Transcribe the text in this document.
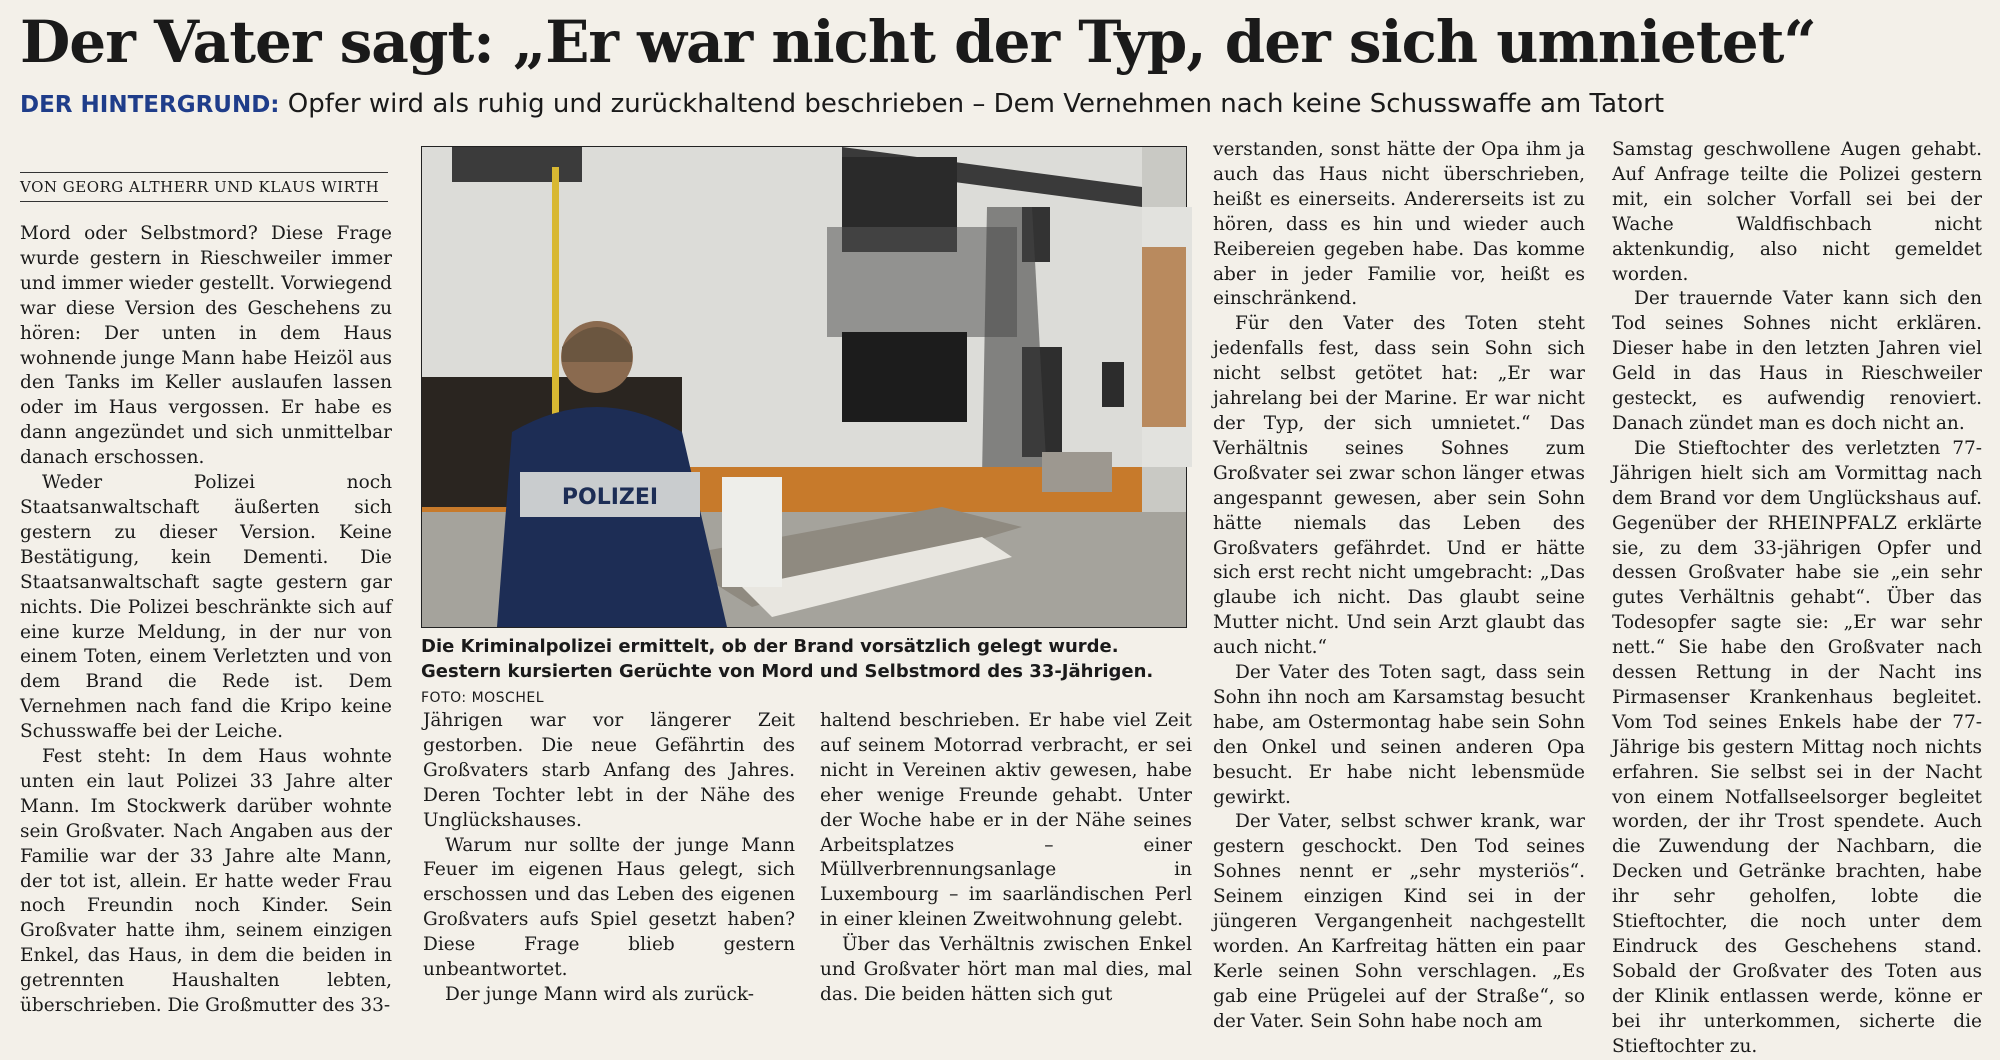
Der Vater sagt: „Er war nicht der Typ, der sich umnietet“
DER HINTERGRUND: Opfer wird als ruhig und zurückhaltend beschrieben – Dem Vernehmen nach keine Schusswaffe am Tatort
VON GEORG ALTHERR UND KLAUS WIRTH

Mord oder Selbstmord? Diese Frage wurde gestern in Rieschweiler immer und immer wieder gestellt. Vorwiegend war diese Version des Geschehens zu hören: Der unten in dem Haus wohnende junge Mann habe Heizöl aus den Tanks im Keller auslaufen lassen oder im Haus vergossen. Er habe es dann angezündet und sich unmittelbar danach erschossen.

Weder Polizei noch Staatsanwaltschaft äußerten sich gestern zu dieser Version. Keine Bestätigung, kein Dementi. Die Staatsanwaltschaft sagte gestern gar nichts. Die Polizei beschränkte sich auf eine kurze Meldung, in der nur von einem Toten, einem Verletzten und von dem Brand die Rede ist. Dem Vernehmen nach fand die Kripo keine Schusswaffe bei der Leiche.

Fest steht: In dem Haus wohnte unten ein laut Polizei 33 Jahre alter Mann. Im Stockwerk darüber wohnte sein Großvater. Nach Angaben aus der Familie war der 33 Jahre alte Mann, der tot ist, allein. Er hatte weder Frau noch Freundin noch Kinder. Sein Großvater hatte ihm, seinem einzigen Enkel, das Haus, in dem die beiden in getrennten Haushalten lebten, überschrieben. Die Großmutter des 33-

POLIZEI
Die Kriminalpolizei ermittelt, ob der Brand vorsätzlich gelegt wurde. Gestern kursierten Gerüchte von Mord und Selbstmord des 33-Jährigen. FOTO: MOSCHEL

Jährigen war vor längerer Zeit gestorben. Die neue Gefährtin des Großvaters starb Anfang des Jahres. Deren Tochter lebt in der Nähe des Unglückshauses.

Warum nur sollte der junge Mann Feuer im eigenen Haus gelegt, sich erschossen und das Leben des eigenen Großvaters aufs Spiel gesetzt haben? Diese Frage blieb gestern unbeantwortet.

Der junge Mann wird als zurück-

haltend beschrieben. Er habe viel Zeit auf seinem Motorrad verbracht, er sei nicht in Vereinen aktiv gewesen, habe eher wenige Freunde gehabt. Unter der Woche habe er in der Nähe seines Arbeitsplatzes – einer Müllverbrennungsanlage in Luxembourg – im saarländischen Perl in einer kleinen Zweitwohnung gelebt.

Über das Verhältnis zwischen Enkel und Großvater hört man mal dies, mal das. Die beiden hätten sich gut

verstanden, sonst hätte der Opa ihm ja auch das Haus nicht überschrieben, heißt es einerseits. Andererseits ist zu hören, dass es hin und wieder auch Reibereien gegeben habe. Das komme aber in jeder Familie vor, heißt es einschränkend.

Für den Vater des Toten steht jedenfalls fest, dass sein Sohn sich nicht selbst getötet hat: „Er war jahrelang bei der Marine. Er war nicht der Typ, der sich umnietet.“ Das Verhältnis seines Sohnes zum Großvater sei zwar schon länger etwas angespannt gewesen, aber sein Sohn hätte niemals das Leben des Großvaters gefährdet. Und er hätte sich erst recht nicht umgebracht: „Das glaube ich nicht. Das glaubt seine Mutter nicht. Und sein Arzt glaubt das auch nicht.“

Der Vater des Toten sagt, dass sein Sohn ihn noch am Karsamstag besucht habe, am Ostermontag habe sein Sohn den Onkel und seinen anderen Opa besucht. Er habe nicht lebensmüde gewirkt.

Der Vater, selbst schwer krank, war gestern geschockt. Den Tod seines Sohnes nennt er „sehr mysteriös“. Seinem einzigen Kind sei in der jüngeren Vergangenheit nachgestellt worden. An Karfreitag hätten ein paar Kerle seinen Sohn verschlagen. „Es gab eine Prügelei auf der Straße“, so der Vater. Sein Sohn habe noch am

Samstag geschwollene Augen gehabt. Auf Anfrage teilte die Polizei gestern mit, ein solcher Vorfall sei bei der Wache Waldfischbach nicht aktenkundig, also nicht gemeldet worden.

Der trauernde Vater kann sich den Tod seines Sohnes nicht erklären. Dieser habe in den letzten Jahren viel Geld in das Haus in Rieschweiler gesteckt, es aufwendig renoviert. Danach zündet man es doch nicht an.

Die Stieftochter des verletzten 77-Jährigen hielt sich am Vormittag nach dem Brand vor dem Unglückshaus auf. Gegenüber der RHEINPFALZ erklärte sie, zu dem 33-jährigen Opfer und dessen Großvater habe sie „ein sehr gutes Verhältnis gehabt“. Über das Todesopfer sagte sie: „Er war sehr nett.“ Sie habe den Großvater nach dessen Rettung in der Nacht ins Pirmasenser Krankenhaus begleitet. Vom Tod seines Enkels habe der 77-Jährige bis gestern Mittag noch nichts erfahren. Sie selbst sei in der Nacht von einem Notfallseelsorger begleitet worden, der ihr Trost spendete. Auch die Zuwendung der Nachbarn, die Decken und Getränke brachten, habe ihr sehr geholfen, lobte die Stieftochter, die noch unter dem Eindruck des Geschehens stand. Sobald der Großvater des Toten aus der Klinik entlassen werde, könne er bei ihr unterkommen, sicherte die Stieftochter zu.
